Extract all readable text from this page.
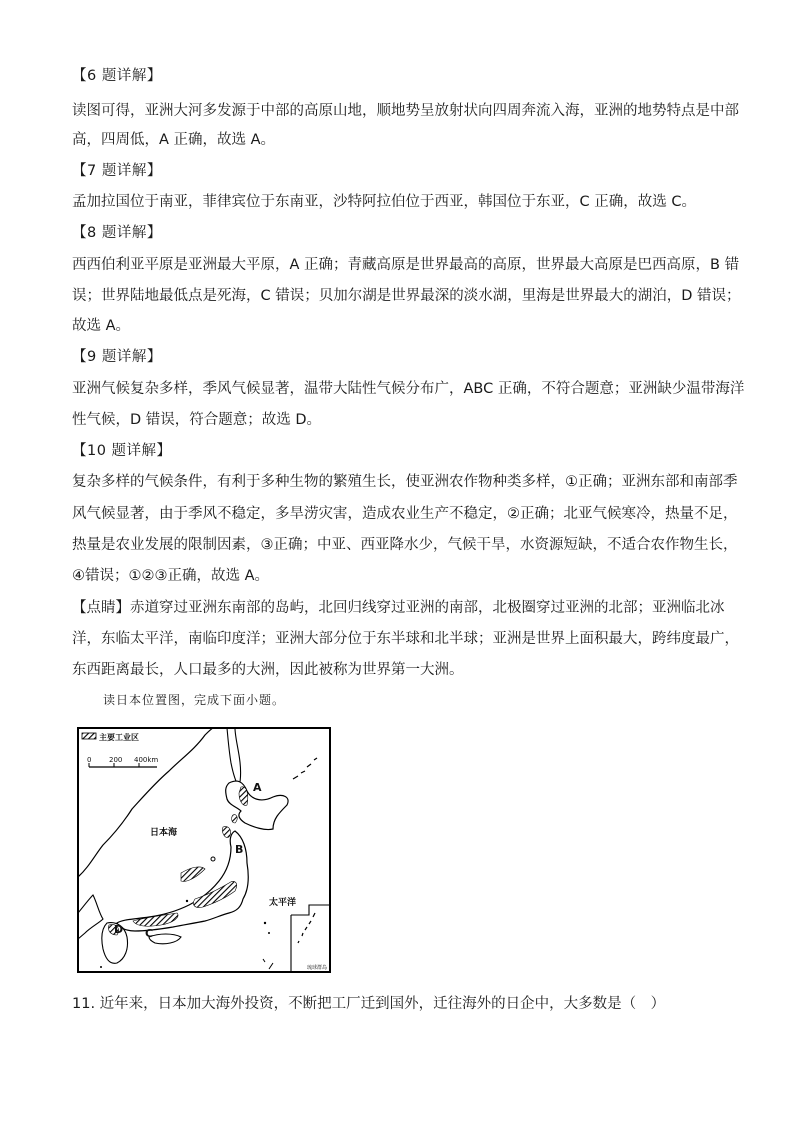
【6 题详解】

读图可得，亚洲大河多发源于中部的高原山地，顺地势呈放射状向四周奔流入海，亚洲的地势特点是中部

高，四周低，A 正确，故选 A。

【7 题详解】

孟加拉国位于南亚，菲律宾位于东南亚，沙特阿拉伯位于西亚，韩国位于东亚，C 正确，故选 C。

【8 题详解】

西西伯利亚平原是亚洲最大平原，A 正确；青藏高原是世界最高的高原，世界最大高原是巴西高原，B 错

误；世界陆地最低点是死海，C 错误；贝加尔湖是世界最深的淡水湖，里海是世界最大的湖泊，D 错误；

故选 A。

【9 题详解】

亚洲气候复杂多样，季风气候显著，温带大陆性气候分布广，ABC 正确，不符合题意；亚洲缺少温带海洋

性气候，D 错误，符合题意；故选 D。

【10 题详解】

复杂多样的气候条件，有利于多种生物的繁殖生长，使亚洲农作物种类多样，①正确；亚洲东部和南部季

风气候显著，由于季风不稳定，多旱涝灾害，造成农业生产不稳定，②正确；北亚气候寒冷，热量不足，

热量是农业发展的限制因素，③正确；中亚、西亚降水少，气候干旱，水资源短缺，不适合农作物生长，

④错误；①②③正确，故选 A。

【点睛】赤道穿过亚洲东南部的岛屿，北回归线穿过亚洲的南部，北极圈穿过亚洲的北部；亚洲临北冰

洋，东临太平洋，南临印度洋；亚洲大部分位于东半球和北半球；亚洲是世界上面积最大，跨纬度最广，

东西距离最长，人口最多的大洲，因此被称为世界第一大洲。

读日本位置图，完成下面小题。

主要工业区
0	200 400km
A
B
C
D
日本海
太平洋
琉球群岛

11. 近年来，日本加大海外投资，不断把工厂迁到国外，迁往海外的日企中，大多数是（　）
